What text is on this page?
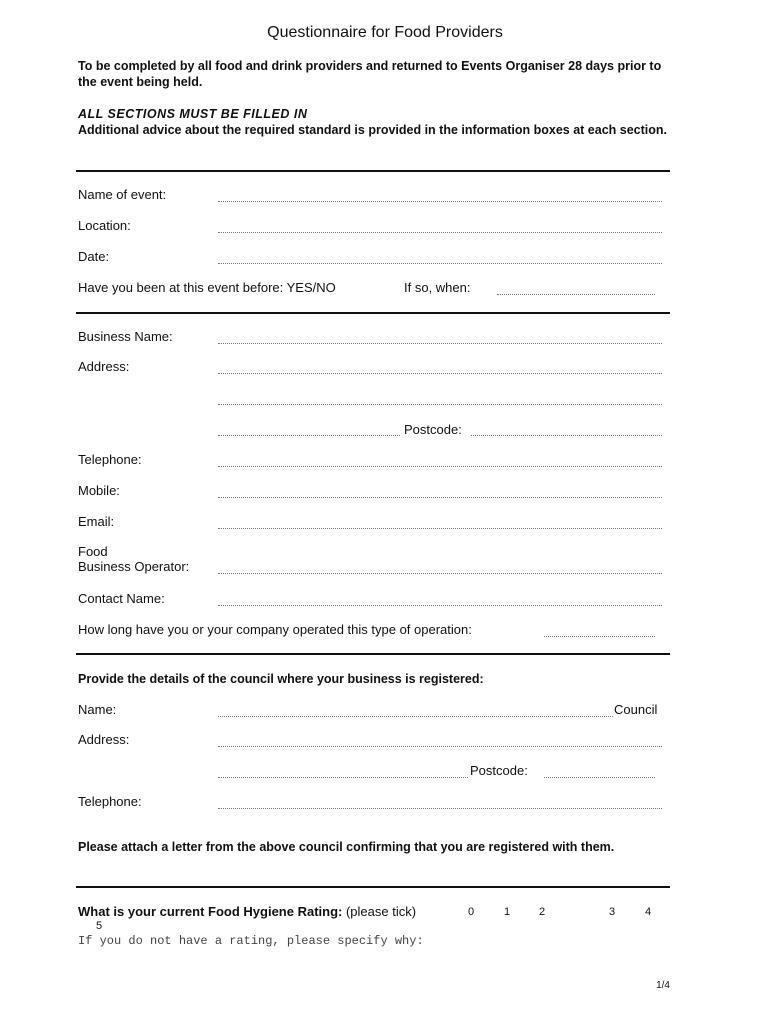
Questionnaire for Food Providers
To be completed by all food and drink providers and returned to Events Organiser 28 days prior to the event being held.
ALL SECTIONS MUST BE FILLED IN
Additional advice about the required standard is provided in the information boxes at each section.
Name of event:
Location:
Date:
Have you been at this event before: YES/NO	If so, when:
Business Name:
Address:
Postcode:
Telephone:
Mobile:
Email:
Food
Business Operator:
Contact Name:
How long have you or your company operated this type of operation:
Provide the details of the council where your business is registered:
Name:	Council
Address:
Postcode:
Telephone:
Please attach a letter from the above council confirming that you are registered with them.
What is your current Food Hygiene Rating: (please tick)	0	1	2	3	4
5
If you do not have a rating, please specify why:
1/4
